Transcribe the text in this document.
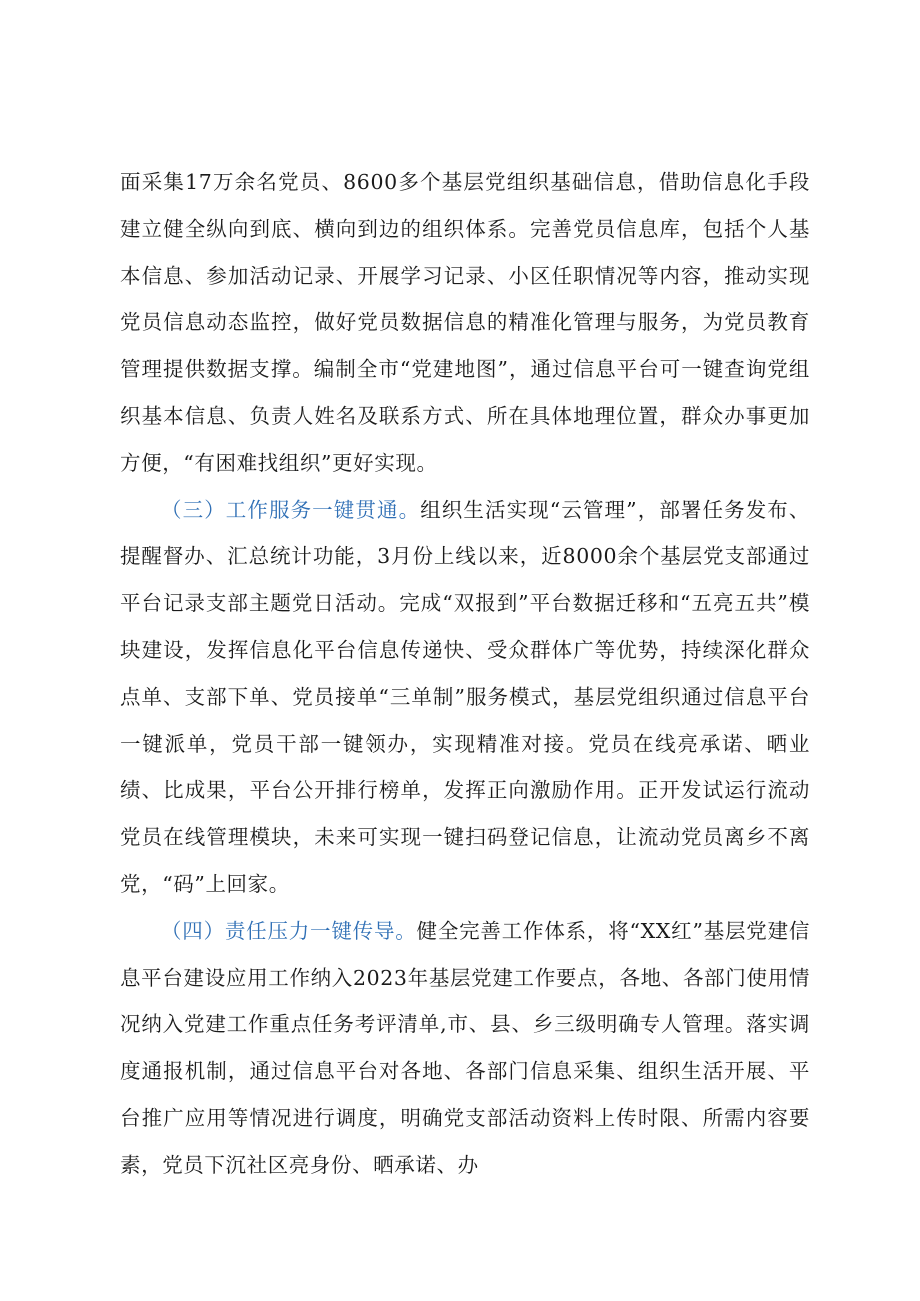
面采集17万余名党员、8600多个基层党组织基础信息，借助信息化手段建立健全纵向到底、横向到边的组织体系。完善党员信息库，包括个人基本信息、参加活动记录、开展学习记录、小区任职情况等内容，推动实现党员信息动态监控，做好党员数据信息的精准化管理与服务，为党员教育管理提供数据支撑。编制全市“党建地图”，通过信息平台可一键查询党组织基本信息、负责人姓名及联系方式、所在具体地理位置，群众办事更加方便，“有困难找组织”更好实现。

（三）工作服务一键贯通。组织生活实现“云管理”，部署任务发布、提醒督办、汇总统计功能，3月份上线以来，近8000余个基层党支部通过平台记录支部主题党日活动。完成“双报到”平台数据迁移和“五亮五共”模块建设，发挥信息化平台信息传递快、受众群体广等优势，持续深化群众点单、支部下单、党员接单“三单制”服务模式，基层党组织通过信息平台一键派单，党员干部一键领办，实现精准对接。党员在线亮承诺、晒业绩、比成果，平台公开排行榜单，发挥正向激励作用。正开发试运行流动党员在线管理模块，未来可实现一键扫码登记信息，让流动党员离乡不离党，“码”上回家。

（四）责任压力一键传导。健全完善工作体系，将“XX红”基层党建信息平台建设应用工作纳入2023年基层党建工作要点，各地、各部门使用情况纳入党建工作重点任务考评清单,市、县、乡三级明确专人管理。落实调度通报机制，通过信息平台对各地、各部门信息采集、组织生活开展、平台推广应用等情况进行调度，明确党支部活动资料上传时限、所需内容要素，党员下沉社区亮身份、晒承诺、办
